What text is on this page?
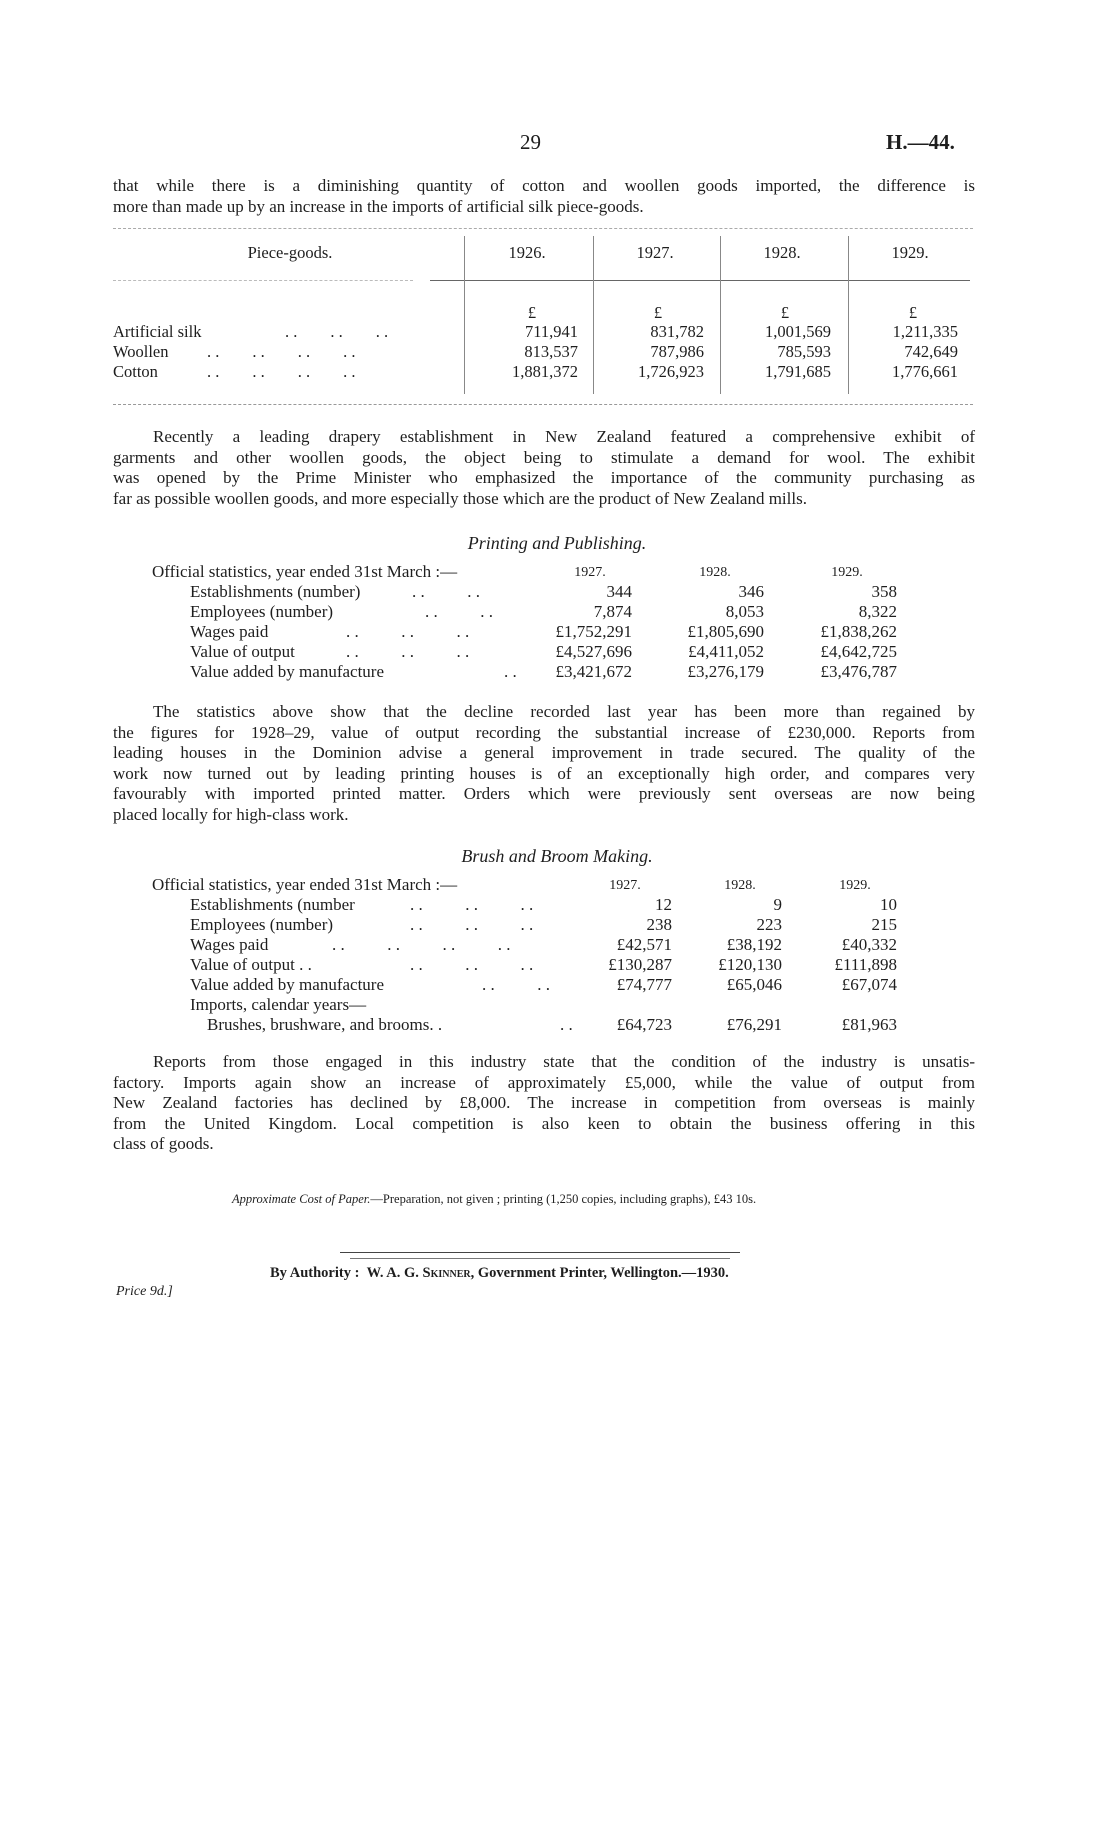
29	H.—44.
that while there is a diminishing quantity of cotton and woollen goods imported, the difference is
more than made up by an increase in the imports of artificial silk piece-goods.
Piece-goods.	1926.	1927.	1928.	1929.
£	£	£	£
Artificial silk	. .        . .        . .	711,941	831,782	1,001,569	1,211,335
Woollen . .        . .        . .        . .	813,537	787,986	785,593	742,649
Cotton	. .        . .        . .        . .	1,881,372	1,726,923	1,791,685	1,776,661
Recently a leading drapery establishment in New Zealand featured a comprehensive exhibit of
garments and other woollen goods, the object being to stimulate a demand for wool. The exhibit
was opened by the Prime Minister who emphasized the importance of the community purchasing as
far as possible woollen goods, and more especially those which are the product of New Zealand mills.
Printing and Publishing.
Official statistics, year ended 31st March :—	1927.	1928.	1929.
Establishments (number)	. .          . .	344	346	358
Employees (number)	. .          . .	7,874	8,053	8,322
Wages paid	. .          . .          . .	£1,752,291	£1,805,690	£1,838,262
Value of output	. .          . .          . .	£4,527,696	£4,411,052	£4,642,725
Value added by manufacture	. .	£3,421,672	£3,276,179	£3,476,787
The statistics above show that the decline recorded last year has been more than regained by
the figures for 1928–29, value of output recording the substantial increase of £230,000. Reports from
leading houses in the Dominion advise a general improvement in trade secured. The quality of the
work now turned out by leading printing houses is of an exceptionally high order, and compares very
favourably with imported printed matter. Orders which were previously sent overseas are now being
placed locally for high-class work.
Brush and Broom Making.
Official statistics, year ended 31st March :—	1927.	1928.	1929.
Establishments (number	. .          . .          . .	12	9	10
Employees (number)	. .          . .          . .	238	223	215
Wages paid	. .          . .          . .          . .	£42,571	£38,192	£40,332
Value of output . .	. .          . .          . .	£130,287	£120,130	£111,898
Value added by manufacture	. .          . .	£74,777	£65,046	£67,074
Imports, calendar years—
Brushes, brushware, and brooms. .	. .	£64,723	£76,291	£81,963
Reports from those engaged in this industry state that the condition of the industry is unsatis-
factory. Imports again show an increase of approximately £5,000, while the value of output from
New Zealand factories has declined by £8,000. The increase in competition from overseas is mainly
from the United Kingdom. Local competition is also keen to obtain the business offering in this
class of goods.
Approximate Cost of Paper.—Preparation, not given ; printing (1,250 copies, including graphs), £43 10s.
By Authority : W. A. G. Skinner, Government Printer, Wellington.—1930.
Price 9d.]
